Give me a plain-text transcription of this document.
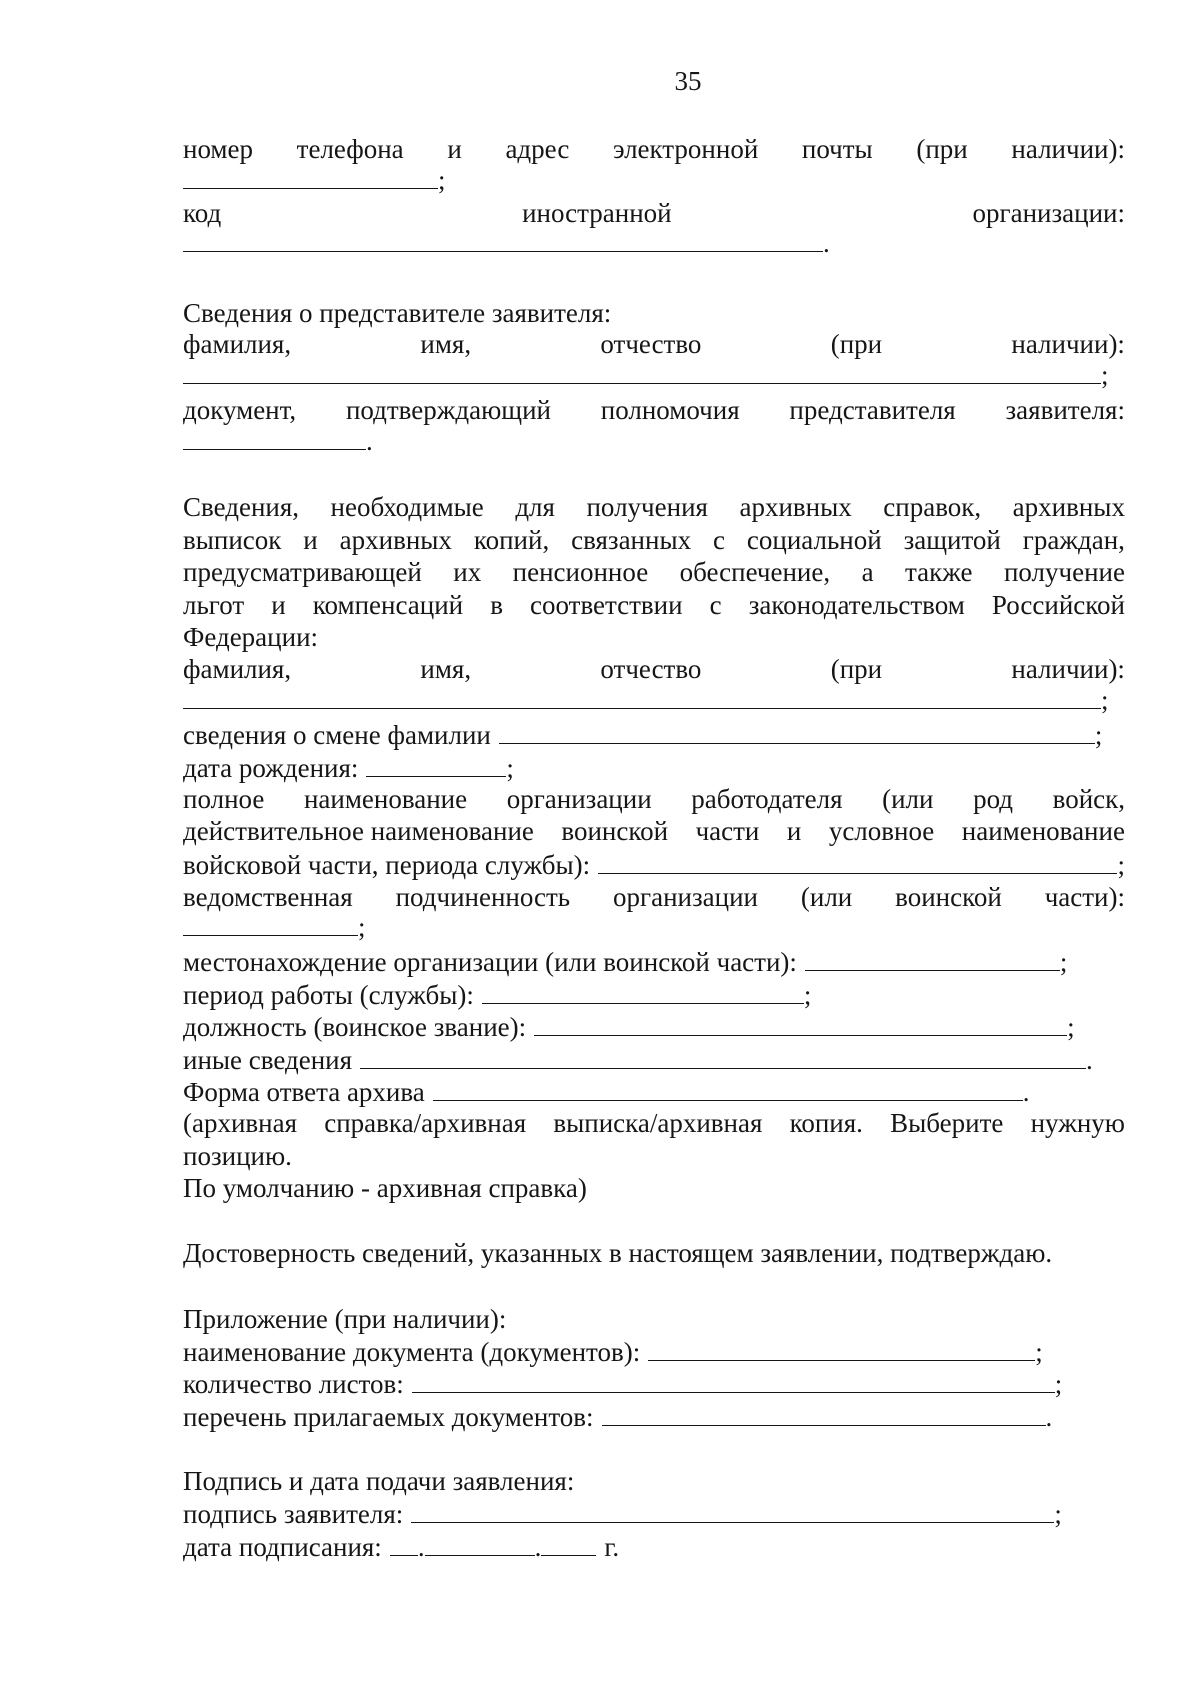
35
номер телефона и адрес электронной почты (при наличии):
;
код	иностранной	организации:
.
Сведения о представителе заявителя:
фамилия,	имя,	отчество	(при	наличии):
;
документ, подтверждающий полномочия представителя заявителя:
.
Сведения, необходимые для получения архивных справок, архивных
выписок и архивных копий, связанных с социальной защитой граждан,
предусматривающей их пенсионное обеспечение, а также получение
льгот и компенсаций в соответствии с законодательством Российской
Федерации:
фамилия,	имя,	отчество	(при	наличии):
;
сведения о смене фамилии	;
дата рождения:	;
полное наименование организации работодателя (или род войск,
действительное наименование воинской части и условное наименование
войсковой части, периода службы):	;
ведомственная подчиненность организации (или воинской части):
;
местонахождение организации (или воинской части):	;
период работы (службы):	;
должность (воинское звание):	;
иные сведения	.
Форма ответа архива	.
(архивная справка/архивная выписка/архивная копия. Выберите нужную
позицию.
По умолчанию - архивная справка)
Достоверность сведений, указанных в настоящем заявлении, подтверждаю.
Приложение (при наличии):
наименование документа (документов):	;
количество листов:	;
перечень прилагаемых документов:	.
Подпись и дата подачи заявления:
подпись заявителя:	;
дата подписания: .	. г.
